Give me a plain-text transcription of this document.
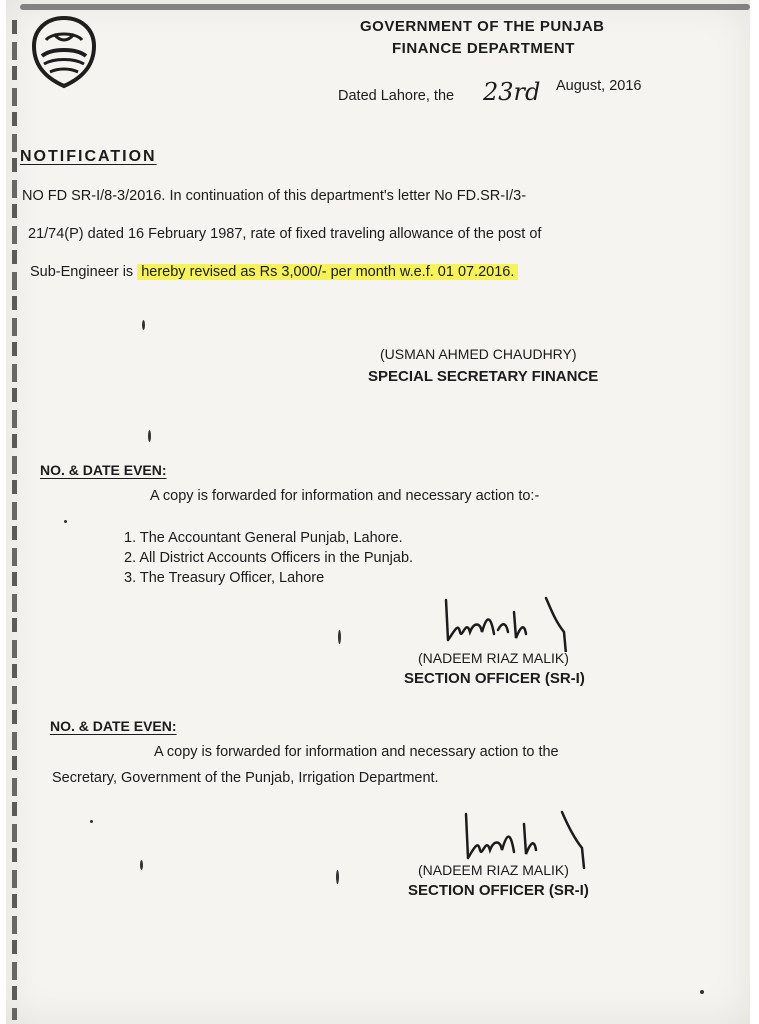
GOVERNMENT OF THE PUNJAB
FINANCE DEPARTMENT
Dated Lahore, the 23rd August, 2016
NOTIFICATION
NO FD SR-I/8-3/2016. In continuation of this department's letter No FD.SR-I/3-
21/74(P) dated 16 February 1987, rate of fixed traveling allowance of the post of
Sub-Engineer is hereby revised as Rs 3,000/- per month w.e.f. 01 07.2016.
(USMAN AHMED CHAUDHRY)
SPECIAL SECRETARY FINANCE
NO. & DATE EVEN:
A copy is forwarded for information and necessary action to:-
1. The Accountant General Punjab, Lahore.
2. All District Accounts Officers in the Punjab.
3. The Treasury Officer, Lahore
(NADEEM RIAZ MALIK)
SECTION OFFICER (SR-I)
NO. & DATE EVEN:
A copy is forwarded for information and necessary action to the
Secretary, Government of the Punjab, Irrigation Department.
(NADEEM RIAZ MALIK)
SECTION OFFICER (SR-I)
